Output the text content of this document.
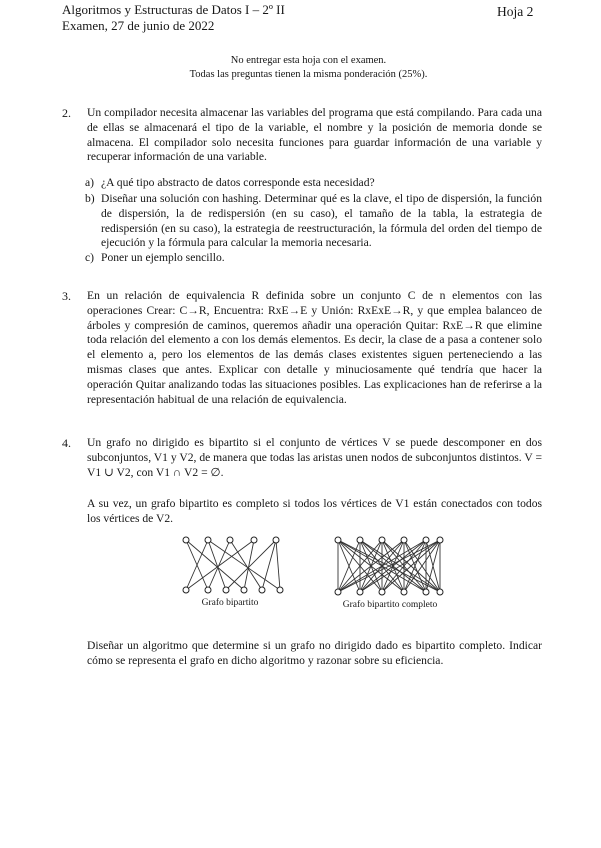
Algoritmos y Estructuras de Datos I – 2º II
Examen, 27 de junio de 2022
Hoja 2
No entregar esta hoja con el examen.
Todas las preguntas tienen la misma ponderación (25%).
2. Un compilador necesita almacenar las variables del programa que está compilando. Para cada una de ellas se almacenará el tipo de la variable, el nombre y la posición de memoria donde se almacena. El compilador solo necesita funciones para guardar información de una variable y recuperar información de una variable.
a) ¿A qué tipo abstracto de datos corresponde esta necesidad?
b) Diseñar una solución con hashing. Determinar qué es la clave, el tipo de dispersión, la función de dispersión, la de redispersión (en su caso), el tamaño de la tabla, la estrategia de redispersión (en su caso), la estrategia de reestructuración, la fórmula del orden del tiempo de ejecución y la fórmula para calcular la memoria necesaria.
c) Poner un ejemplo sencillo.
3. En un relación de equivalencia R definida sobre un conjunto C de n elementos con las operaciones Crear: C→R, Encuentra: RxE→E y Unión: RxExE→R, y que emplea balanceo de árboles y compresión de caminos, queremos añadir una operación Quitar: RxE→R que elimine toda relación del elemento a con los demás elementos. Es decir, la clase de a pasa a contener solo el elemento a, pero los elementos de las demás clases existentes siguen perteneciendo a las mismas clases que antes. Explicar con detalle y minuciosamente qué tendría que hacer la operación Quitar analizando todas las situaciones posibles. Las explicaciones han de referirse a la representación habitual de una relación de equivalencia.
4. Un grafo no dirigido es bipartito si el conjunto de vértices V se puede descomponer en dos subconjuntos, V1 y V2, de manera que todas las aristas unen nodos de subconjuntos distintos. V = V1 ∪ V2, con V1 ∩ V2 = ∅.
A su vez, un grafo bipartito es completo si todos los vértices de V1 están conectados con todos los vértices de V2.
Grafo bipartito	Grafo bipartito completo
Diseñar un algoritmo que determine si un grafo no dirigido dado es bipartito completo. Indicar cómo se representa el grafo en dicho algoritmo y razonar sobre su eficiencia.
